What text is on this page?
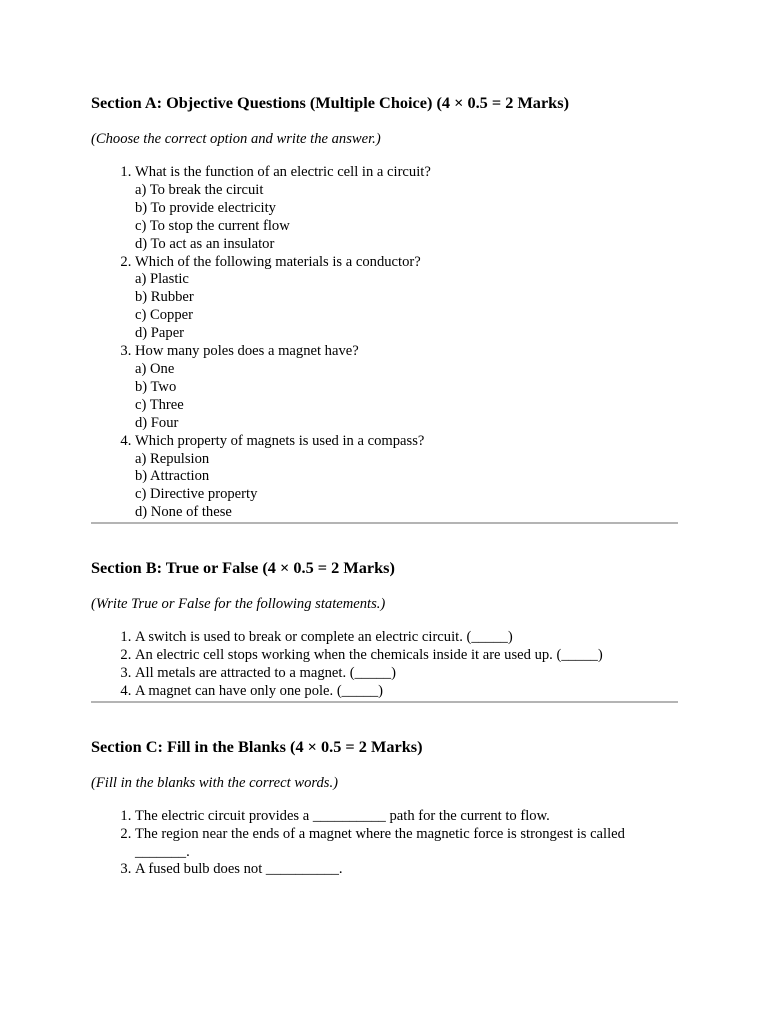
Section A: Objective Questions (Multiple Choice) (4 × 0.5 = 2 Marks)

(Choose the correct option and write the answer.)

1. What is the function of an electric cell in a circuit?
a) To break the circuit
b) To provide electricity
c) To stop the current flow
d) To act as an insulator
2. Which of the following materials is a conductor?
a) Plastic
b) Rubber
c) Copper
d) Paper
3. How many poles does a magnet have?
a) One
b) Two
c) Three
d) Four
4. Which property of magnets is used in a compass?
a) Repulsion
b) Attraction
c) Directive property
d) None of these
Section B: True or False (4 × 0.5 = 2 Marks)

(Write True or False for the following statements.)

1. A switch is used to break or complete an electric circuit. (_____)
2. An electric cell stops working when the chemicals inside it are used up. (_____)
3. All metals are attracted to a magnet. (_____)
4. A magnet can have only one pole. (_____)
Section C: Fill in the Blanks (4 × 0.5 = 2 Marks)

(Fill in the blanks with the correct words.)

1. The electric circuit provides a __________ path for the current to flow.
2. The region near the ends of a magnet where the magnetic force is strongest is called _______.
3. A fused bulb does not __________.
